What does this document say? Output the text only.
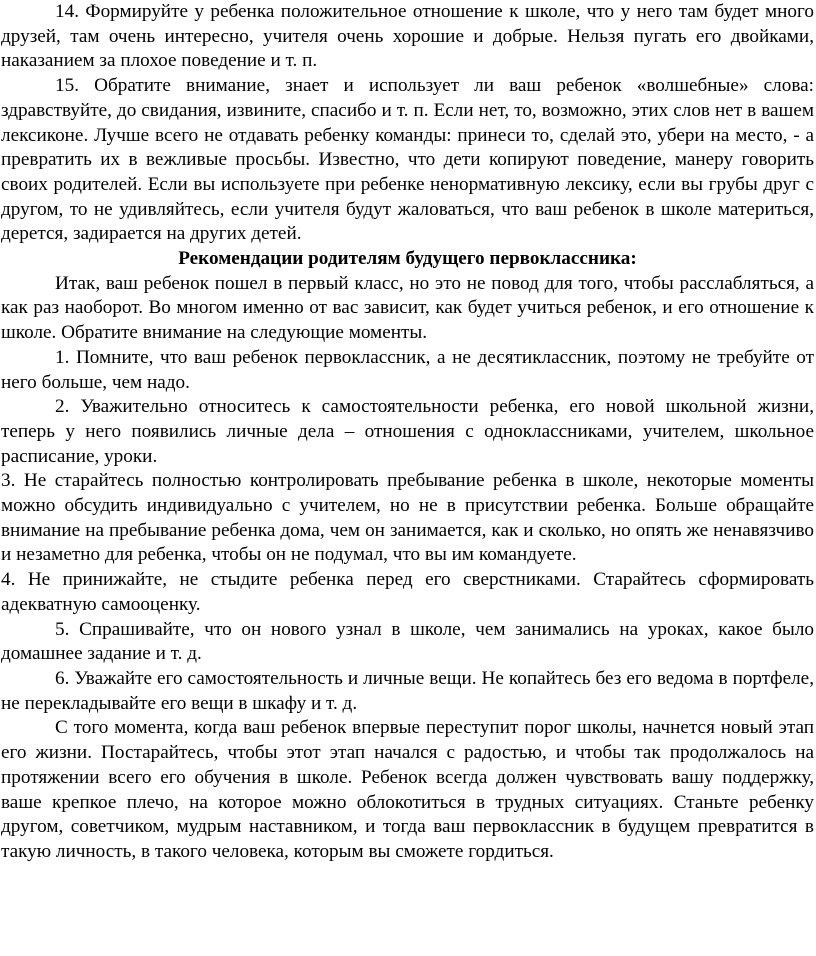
14. Формируйте у ребенка положительное отношение к школе, что у него там будет много друзей, там очень интересно, учителя очень хорошие и добрые. Нельзя пугать его двойками, наказанием за плохое поведение и т. п.

15. Обратите внимание, знает и использует ли ваш ребенок «волшебные» слова: здравствуйте, до свидания, извините, спасибо и т. п. Если нет, то, возможно, этих слов нет в вашем лексиконе. Лучше всего не отдавать ребенку команды: принеси то, сделай это, убери на место, - а превратить их в вежливые просьбы. Известно, что дети копируют поведение, манеру говорить своих родителей. Если вы используете при ребенке ненормативную лексику, если вы грубы друг с другом, то не удивляйтесь, если учителя будут жаловаться, что ваш ребенок в школе материться, дерется, задирается на других детей.

Рекомендации родителям будущего первоклассника:

Итак, ваш ребенок пошел в первый класс, но это не повод для того, чтобы расслабляться, а как раз наоборот. Во многом именно от вас зависит, как будет учиться ребенок, и его отношение к школе. Обратите внимание на следующие моменты.

1. Помните, что ваш ребенок первоклассник, а не десятиклассник, поэтому не требуйте от него больше, чем надо.

2. Уважительно относитесь к самостоятельности ребенка, его новой школьной жизни, теперь у него появились личные дела – отношения с одноклассниками, учителем, школьное расписание, уроки.

3. Не старайтесь полностью контролировать пребывание ребенка в школе, некоторые моменты можно обсудить индивидуально с учителем, но не в присутствии ребенка. Больше обращайте внимание на пребывание ребенка дома, чем он занимается, как и сколько, но опять же ненавязчиво и незаметно для ребенка, чтобы он не подумал, что вы им командуете.

4. Не принижайте, не стыдите ребенка перед его сверстниками. Старайтесь сформировать адекватную самооценку.

5. Спрашивайте, что он нового узнал в школе, чем занимались на уроках, какое было домашнее задание и т. д.

6. Уважайте его самостоятельность и личные вещи. Не копайтесь без его ведома в портфеле, не перекладывайте его вещи в шкафу и т. д.

С того момента, когда ваш ребенок впервые переступит порог школы, начнется новый этап его жизни. Постарайтесь, чтобы этот этап начался с радостью, и чтобы так продолжалось на протяжении всего его обучения в школе. Ребенок всегда должен чувствовать вашу поддержку, ваше крепкое плечо, на которое можно облокотиться в трудных ситуациях. Станьте ребенку другом, советчиком, мудрым наставником, и тогда ваш первоклассник в будущем превратится в такую личность, в такого человека, которым вы сможете гордиться.
